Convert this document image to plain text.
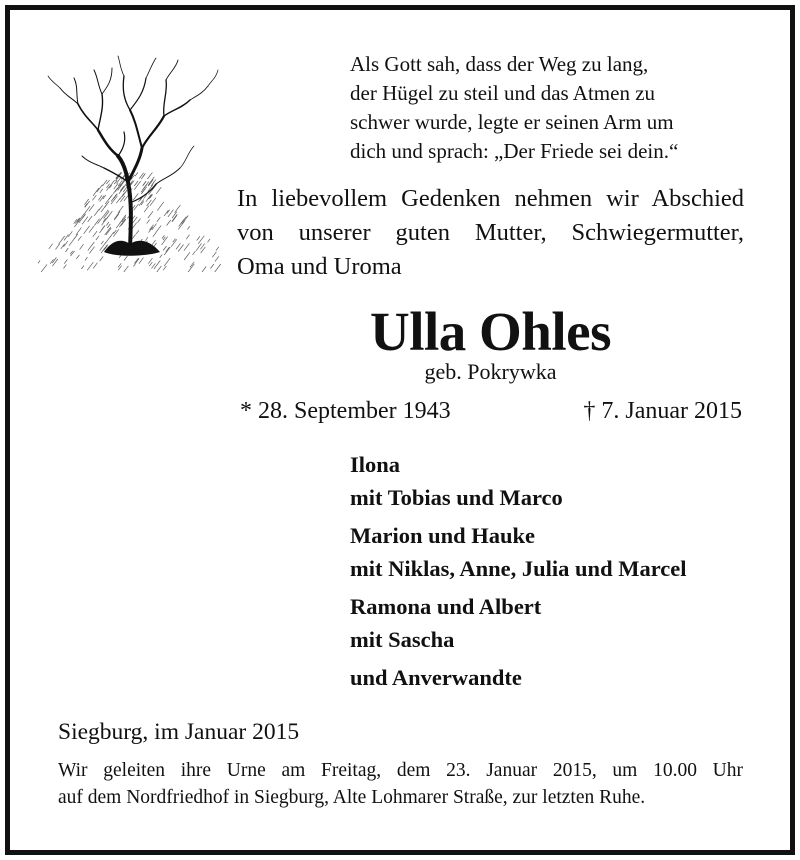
Als Gott sah, dass der Weg zu lang,
der Hügel zu steil und das Atmen zu
schwer wurde, legte er seinen Arm um
dich und sprach: „Der Friede sei dein.“
In liebevollem Gedenken nehmen wir Abschied
von unserer guten Mutter, Schwiegermutter,
Oma und Uroma
Ulla Ohles
geb. Pokrywka
* 28. September 1943	† 7. Januar 2015
Ilona
mit Tobias und Marco
Marion und Hauke
mit Niklas, Anne, Julia und Marcel
Ramona und Albert
mit Sascha
und Anverwandte
Siegburg, im Januar 2015
Wir geleiten ihre Urne am Freitag, dem 23. Januar 2015, um 10.00 Uhr
auf dem Nordfriedhof in Siegburg, Alte Lohmarer Straße, zur letzten Ruhe.
